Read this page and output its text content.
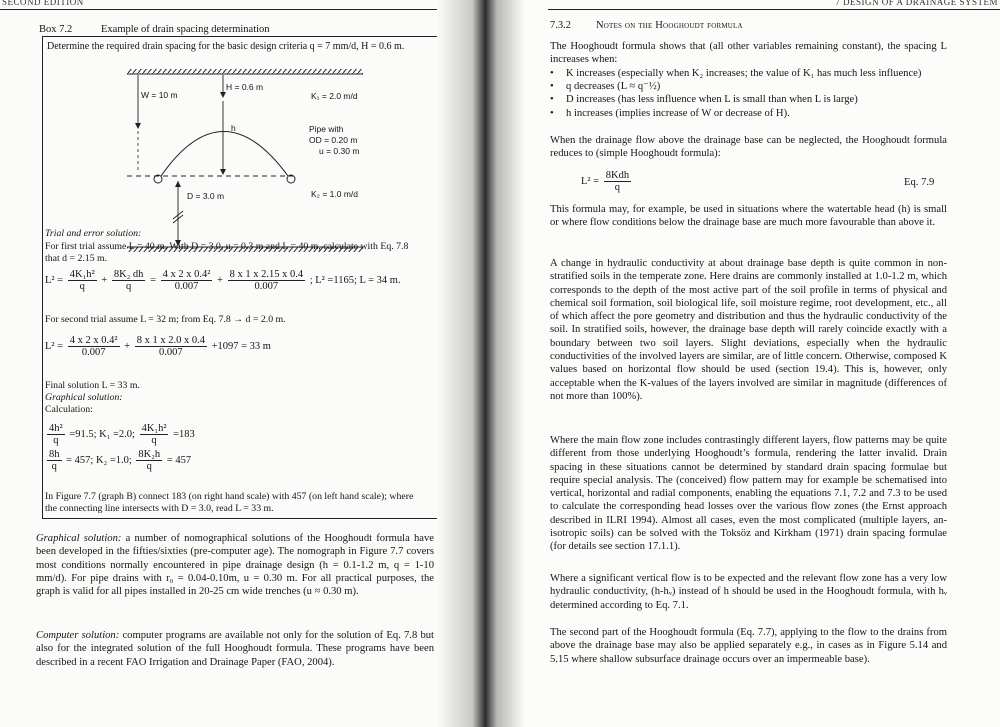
SECOND EDITION
Box 7.2	Example of drain spacing determination
Determine the required drain spacing for the basic design criteria q = 7 mm/d, H = 0.6 m.
W = 10 m
H = 0.6 m
K₁ = 2.0 m/d
h	Pipe with
OD = 0.20 m
u = 0.30 m
D = 3.0 m	K₂ = 1.0 m/d
Trial and error solution:
For first trial assume L = 40 m. With D = 3.0, u = 0.3 m and L = 40 m, calculate with Eq. 7.8
that d = 2.15 m.
$L^2 = \frac{\text{4K₁h²}}{q} + \frac{\text{8K₂ dh}}{q} = \frac{\text{4 x 2 x 0.4²}}{0.007} + \frac{8 x 1 x 2.15 x 0.4}{0.007}$ ; L² =1165; L = 34 m.
For second trial assume L = 32 m; from Eq. 7.8 → d = 2.0 m.
$L^2 = \frac{\text{4 x 2 x 0.4²}}{0.007} + \frac{8 x 1 x 2.0 x 0.4}{0.007} +1097 = 33$ m
Final solution L = 33 m.
Graphical solution:
Calculation:
$\frac{\text{4h²}}{q} =91.5$; K₁ =2.0; $\frac{\text{4K₁h²}}{q} =183$
$\frac{8h}{q} = 457$; K₂ =1.0; $\frac{\text{8K₂h}}{q} = 457$
In Figure 7.7 (graph B) connect 183 (on right hand scale) with 457 (on left hand scale); where
the connecting line intersects with D = 3.0, read L = 33 m.
Graphical solution: a number of nomographical solutions of the Hooghoudt formula have been developed in the fifties/sixties (pre-computer age). The nomograph in Figure 7.7 covers most conditions normally encountered in pipe drainage design (h = 0.1-1.2 m, q = 1-10 mm/d). For pipe drains with r₀ = 0.04-0.10m, u = 0.30 m. For all practical purposes, the graph is valid for all pipes installed in 20-25 cm wide trenches (u ≈ 0.30 m).
Computer solution: computer programs are available not only for the solution of Eq. 7.8 but also for the integrated solution of the full Hooghoudt formula. These programs have been described in a recent FAO Irrigation and Drainage Paper (FAO, 2004).
7.3.2 Notes on the Hooghoudt formula
The Hooghoudt formula shows that (all other variables remaining constant), the spacing L increases when:
• K increases (especially when K₂ increases; the value of K₁ has much less influence)
• q decreases (L ≈ q⁻½)
• D increases (has less influence when L is small than when L is large)
• h increases (implies increase of W or decrease of H).
When the drainage flow above the drainage base can be neglected, the Hooghoudt formula reduces to (simple Hooghoudt formula):
$L^2 = \frac{\text{8Kdh}}{q}$	Eq. 7.9
This formula may, for example, be used in situations where the watertable head (h) is small or where flow conditions below the drainage base are much more favourable than above it.
A change in hydraulic conductivity at about drainage base depth is quite common in non-stratified soils in the temperate zone. Here drains are commonly installed at 1.0-1.2 m, which corresponds to the depth of the most active part of the soil profile in terms of physical and chemical soil formation, soil biological life, soil moisture regime, root development, etc., all of which affect the pore geometry and distribution and thus the hydraulic conductivity of the soil. In stratified soils, however, the drainage base depth will rarely coincide exactly with a boundary between two soil layers. Slight deviations, especially when the hydraulic conductivities of the involved layers are similar, are of little concern. Otherwise, composed K values based on horizontal flow should be used (section 19.4). This is, however, only acceptable when the K-values of the layers involved are similar in magnitude (differences of not more than 100%).
Where the main flow zone includes contrastingly different layers, flow patterns may be quite different from those underlying Hooghoudt’s formula, rendering the latter invalid. Drain spacing in these situations cannot be determined by standard drain spacing formulae but require special analysis. The (conceived) flow pattern may for example be schematised into vertical, horizontal and radial components, enabling the equations 7.1, 7.2 and 7.3 to be used to calculate the corresponding head losses over the various flow zones (the Ernst approach described in ILRI 1994). Almost all cases, even the most complicated (multiple layers, an-isotropic soils) can be solved with the Toksöz and Kirkham (1971) drain spacing formulae (for details see section 17.1.1).
Where a significant vertical flow is to be expected and the relevant flow zone has a very low hydraulic conductivity, (h-hᵥ) instead of h should be used in the Hooghoudt formula, with hᵥ determined according to Eq. 7.1.
The second part of the Hooghoudt formula (Eq. 7.7), applying to the flow to the drains from above the drainage base may also be applied separately e.g., in cases as in Figure 5.14 and 5.15 where shallow subsurface drainage occurs over an impermeable base).
7 DESIGN OF A DRAINAGE SYSTEM
